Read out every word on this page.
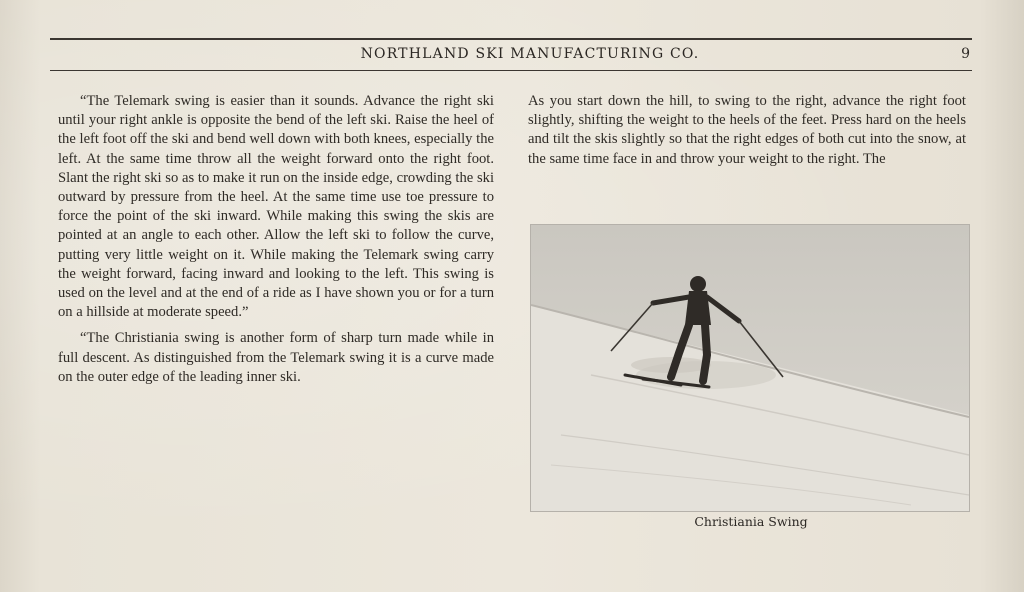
NORTHLAND SKI MANUFACTURING CO.	9

“The Telemark swing is easier than it sounds. Advance the right ski until your right ankle is opposite the bend of the left ski. Raise the heel of the left foot off the ski and bend well down with both knees, especially the left. At the same time throw all the weight forward onto the right foot. Slant the right ski so as to make it run on the inside edge, crowding the ski outward by pressure from the heel. At the same time use toe pressure to force the point of the ski inward. While making this swing the skis are pointed at an angle to each other. Allow the left ski to follow the curve, putting very little weight on it. While making the Telemark swing carry the weight forward, facing inward and looking to the left. This swing is used on the level and at the end of a ride as I have shown you or for a turn on a hillside at moderate speed.”

“The Christiania swing is another form of sharp turn made while in full descent. As distinguished from the Telemark swing it is a curve made on the outer edge of the leading inner ski.

As you start down the hill, to swing to the right, advance the right foot slightly, shifting the weight to the heels of the feet. Press hard on the heels and tilt the skis slightly so that the right edges of both cut into the snow, at the same time face in and throw your weight to the right. The

Christiania Swing
